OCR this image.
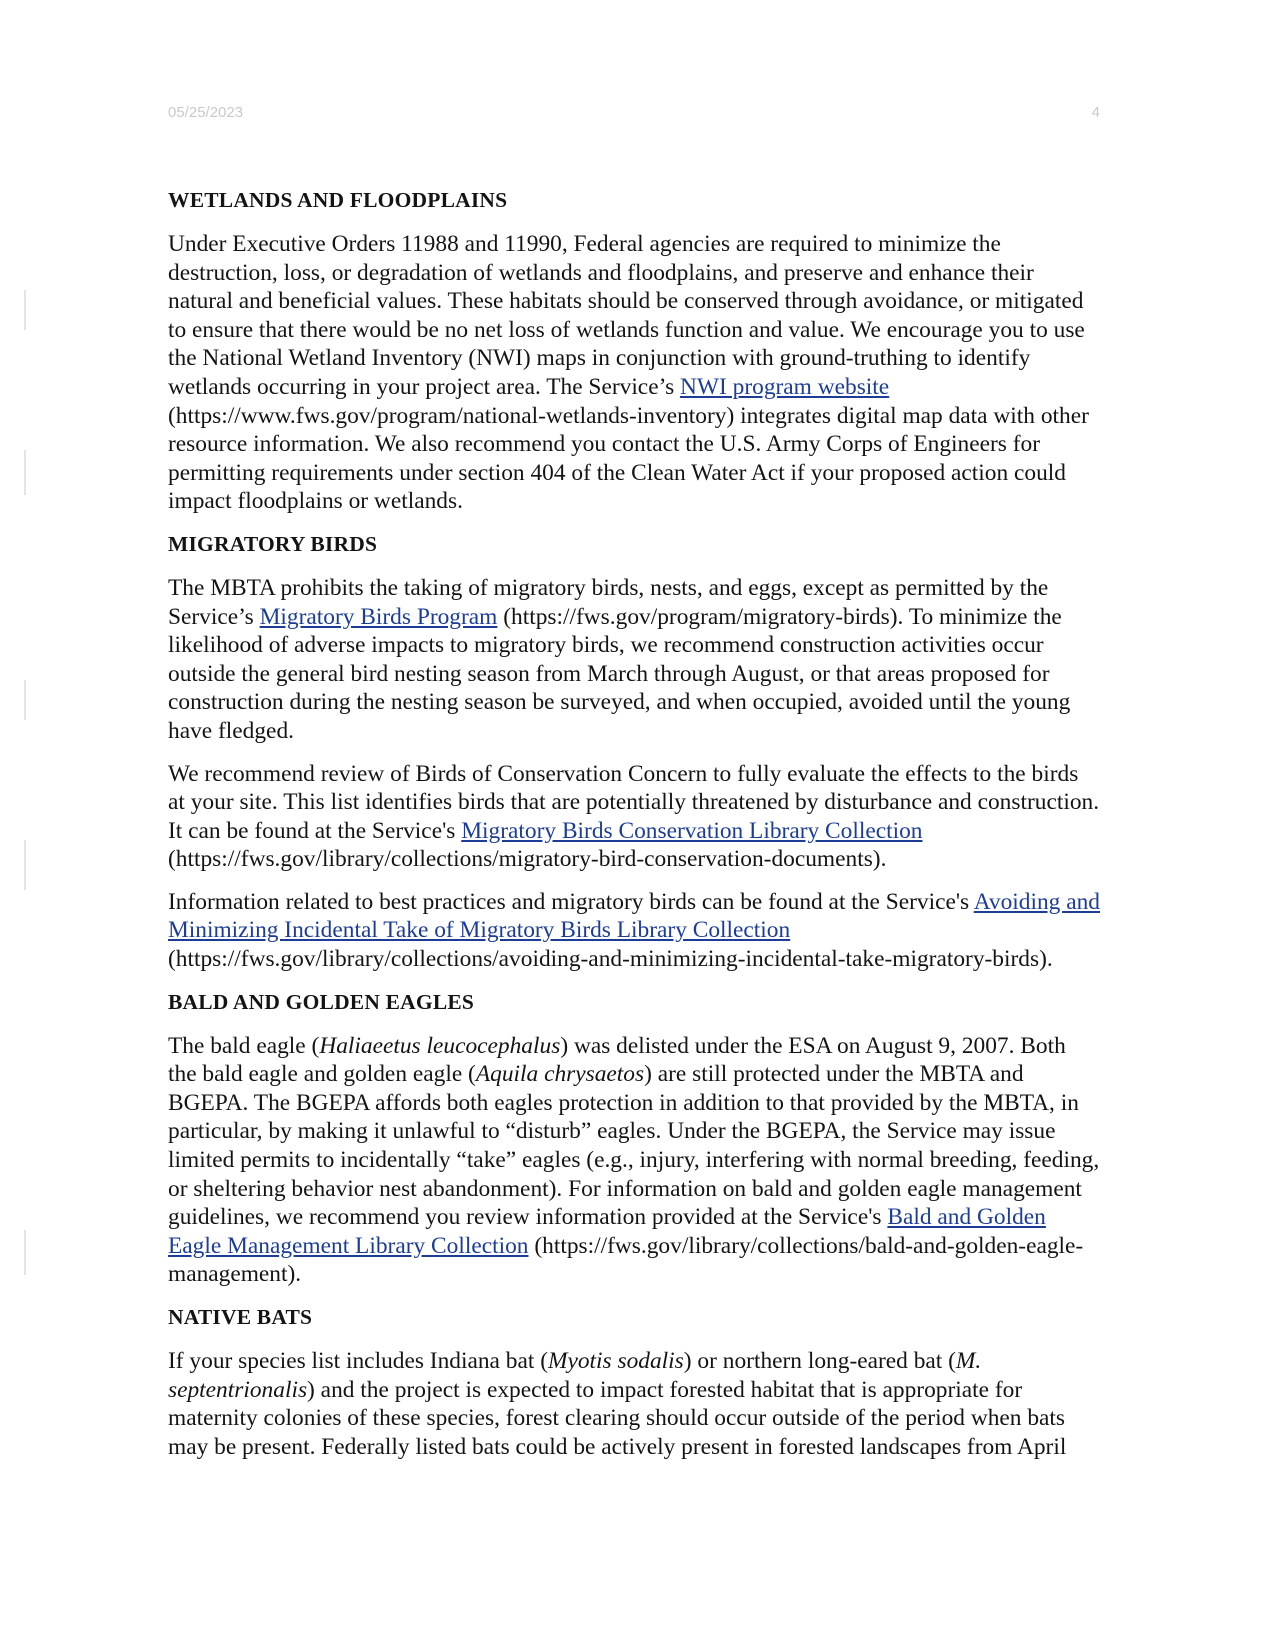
05/25/2023	4
WETLANDS AND FLOODPLAINS

Under Executive Orders 11988 and 11990, Federal agencies are required to minimize the destruction, loss, or degradation of wetlands and floodplains, and preserve and enhance their natural and beneficial values. These habitats should be conserved through avoidance, or mitigated to ensure that there would be no net loss of wetlands function and value. We encourage you to use the National Wetland Inventory (NWI) maps in conjunction with ground-truthing to identify wetlands occurring in your project area. The Service’s NWI program website (https://www.fws.gov/program/national-wetlands-inventory) integrates digital map data with other resource information. We also recommend you contact the U.S. Army Corps of Engineers for permitting requirements under section 404 of the Clean Water Act if your proposed action could impact floodplains or wetlands.

MIGRATORY BIRDS

The MBTA prohibits the taking of migratory birds, nests, and eggs, except as permitted by the Service’s Migratory Birds Program (https://fws.gov/program/migratory-birds). To minimize the likelihood of adverse impacts to migratory birds, we recommend construction activities occur outside the general bird nesting season from March through August, or that areas proposed for construction during the nesting season be surveyed, and when occupied, avoided until the young have fledged.

We recommend review of Birds of Conservation Concern to fully evaluate the effects to the birds at your site. This list identifies birds that are potentially threatened by disturbance and construction. It can be found at the Service's Migratory Birds Conservation Library Collection (https://fws.gov/library/collections/migratory-bird-conservation-documents).

Information related to best practices and migratory birds can be found at the Service's Avoiding and Minimizing Incidental Take of Migratory Birds Library Collection (https://fws.gov/library/collections/avoiding-and-minimizing-incidental-take-migratory-birds).

BALD AND GOLDEN EAGLES

The bald eagle (Haliaeetus leucocephalus) was delisted under the ESA on August 9, 2007. Both the bald eagle and golden eagle (Aquila chrysaetos) are still protected under the MBTA and BGEPA. The BGEPA affords both eagles protection in addition to that provided by the MBTA, in particular, by making it unlawful to “disturb” eagles. Under the BGEPA, the Service may issue limited permits to incidentally “take” eagles (e.g., injury, interfering with normal breeding, feeding, or sheltering behavior nest abandonment). For information on bald and golden eagle management guidelines, we recommend you review information provided at the Service's Bald and Golden Eagle Management Library Collection (https://fws.gov/library/collections/bald-and-golden-eagle-management).

NATIVE BATS

If your species list includes Indiana bat (Myotis sodalis) or northern long-eared bat (M. septentrionalis) and the project is expected to impact forested habitat that is appropriate for maternity colonies of these species, forest clearing should occur outside of the period when bats may be present. Federally listed bats could be actively present in forested landscapes from April
